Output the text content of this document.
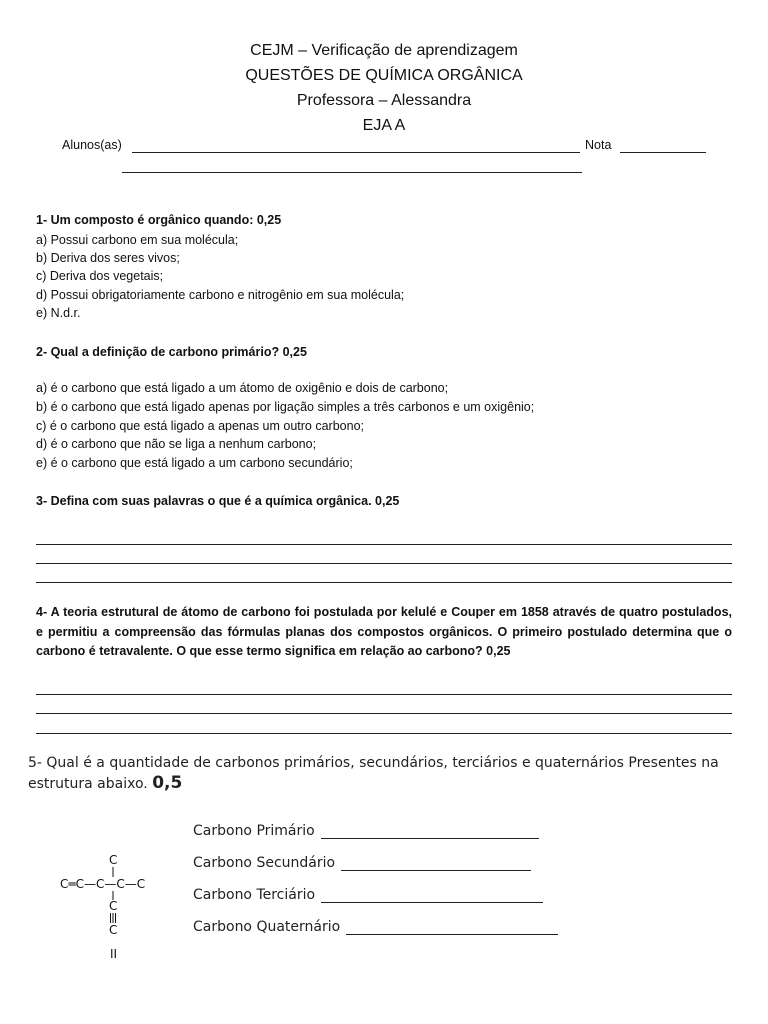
CEJM – Verificação de aprendizagem
QUESTÕES DE QUÍMICA ORGÂNICA
Professora – Alessandra
EJA A
Alunos(as)	Nota
1- Um composto é orgânico quando: 0,25
a) Possui carbono em sua molécula;
b) Deriva dos seres vivos;
c) Deriva dos vegetais;
d) Possui obrigatoriamente carbono e nitrogênio em sua molécula;
e) N.d.r.
2- Qual a definição de carbono primário? 0,25
a) é o carbono que está ligado a um átomo de oxigênio e dois de carbono;
b) é o carbono que está ligado apenas por ligação simples a três carbonos e um oxigênio;
c) é o carbono que está ligado a apenas um outro carbono;
d) é o carbono que não se liga a nenhum carbono;
e) é o carbono que está ligado a um carbono secundário;
3- Defina com suas palavras o que é a química orgânica. 0,25
4- A teoria estrutural de átomo de carbono foi postulada por kelulé e Couper em 1858 através de quatro postulados, e permitiu a compreensão das fórmulas planas dos compostos orgânicos. O primeiro postulado determina que o carbono é tetravalente. O que esse termo significa em relação ao carbono? 0,25
5- Qual é a quantidade de carbonos primários, secundários, terciários e quaternários Presentes na estrutura abaixo. 0,5
Carbono Primário
Carbono Secundário
Carbono Terciário
Carbono Quaternário
C
C═C—C—C—C
C
C
II
